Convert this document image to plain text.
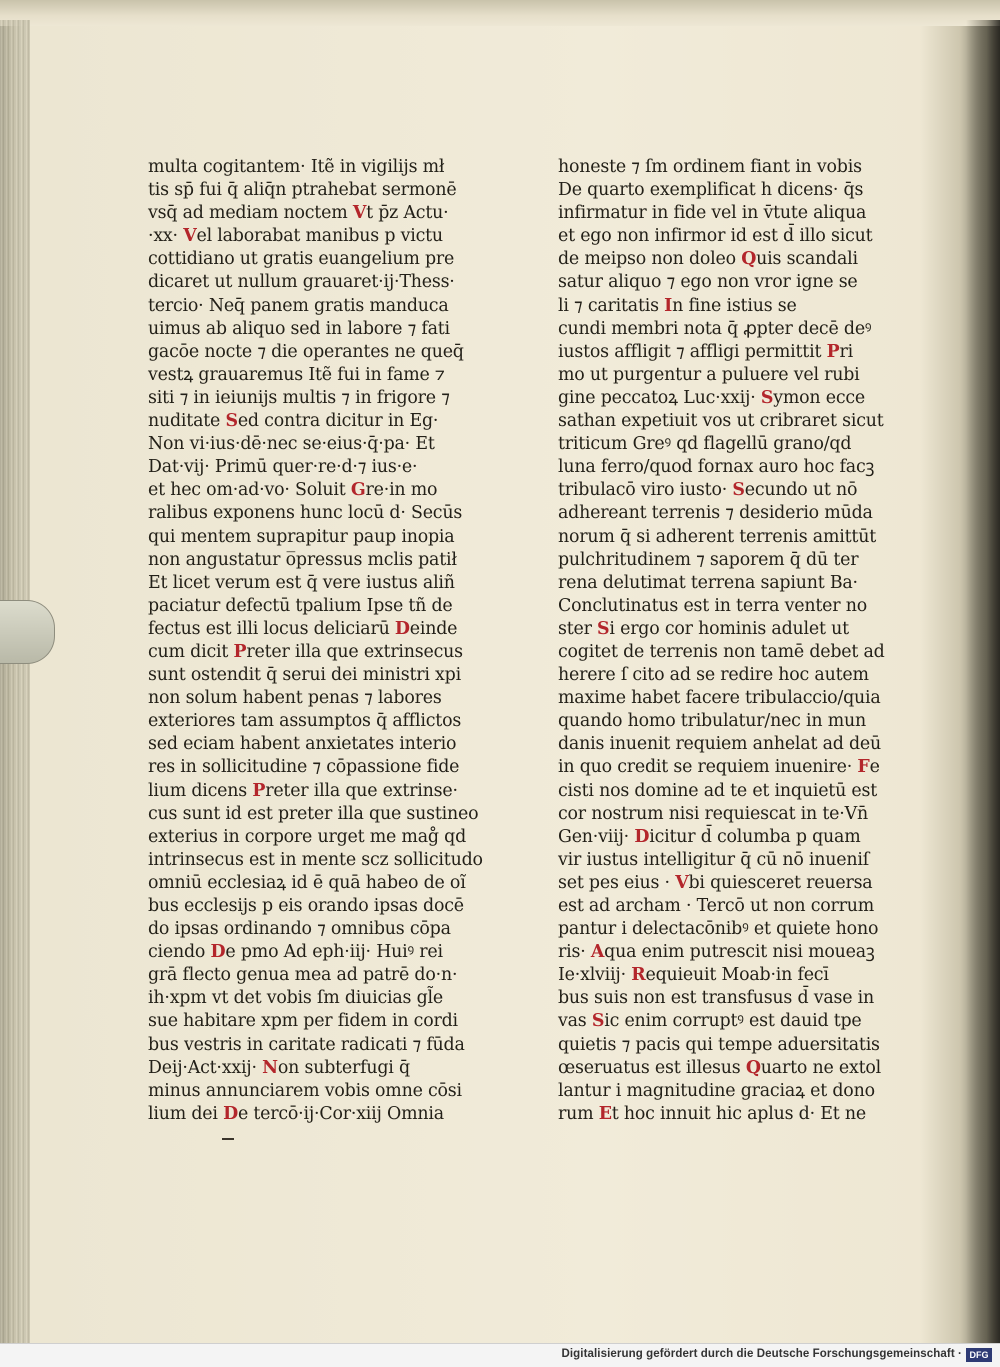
multa cogitantem· Itẽ in vigilijs mł
tis sp̄ fui q̄ aliq̄n ptrahebat sermonē
vsq̄ ad mediam noctem Vt p̄z Actu·
·xx· Vel laborabat manibus p victu
cottidiano ut gratis euangelium pre
dicaret ut nullum grauaret·ij·Thess·
tercio· Neq̄ panem gratis manduca
uimus ab aliquo sed in labore ⁊ fati
gacōe nocte ⁊ die operantes ne queq̄
vestꝝ grauaremus Itẽ fui in fame ⁊
siti ⁊ in ieiunijs multis ⁊ in frigore ⁊
nuditate Sed contra dicitur in Eg·
Non vi·ius·dē·nec se·eius·q̄·pa· Et
Dat·vij· Primū quer·re·d·⁊ ius·e·
et hec om·ad·vo· Soluit Gre·in mo
ralibus exponens hunc locū d· Secūs
qui mentem suprapitur paup inopia
non angustatur o̅pressus mclis patił
Et licet verum est q̄ vere iustus aliñ
paciatur defectū tpalium Ipse tñ de
fectus est illi locus deliciarū Deinde
cum dicit Preter illa que extrinsecus
sunt ostendit q̄ serui dei ministri xpi
non solum habent penas ⁊ labores
exteriores tam assumptos q̄ afflictos
sed eciam habent anxietates interio
res in sollicitudine ⁊ cōpassione fide
lium dicens Preter illa que extrinse·
cus sunt id est preter illa que sustineo
exterius in corpore urget me mag̊ qd
intrinsecus est in mente scz sollicitudo
omniū ecclesiaꝝ id ē quā habeo de oĩ
bus ecclesijs p eis orando ipsas docē
do ipsas ordinando ⁊ omnibus cōpa
ciendo De pmo Ad eph·iij· Huiꝰ rei
grā flecto genua mea ad patrē do·n·
ih·xpm vt det vobis ſm diuicias gl̃e
sue habitare xpm per fidem in cordi
bus vestris in caritate radicati ⁊ fūda
Deij·Act·xxij· Non subterfugi q̄
minus annunciarem vobis omne cōsi
lium dei De tercō·ij·Cor·xiij Omnia
honeste ⁊ ſm ordinem fiant in vobis
De quarto exemplificat h dicens· q̄s
infirmatur in fide vel in v̄tute aliqua
et ego non infirmor id est d̄ illo sicut
de meipso non doleo Quis scandali
satur aliquo ⁊ ego non vror igne se
li ⁊ caritatis In fine istius se
cundi membri nota q̄ ꝓpter decē deꝰ
iustos affligit ⁊ affligi permittit Pri
mo ut purgentur a puluere vel rubi
gine peccatoꝝ Luc·xxij· Symon ecce
sathan expetiuit vos ut cribraret sicut
triticum Greꝰ qd flagellū grano/qd
luna ferro/quod fornax auro hoc facꝫ
tribulacō viro iusto· Secundo ut nō
adhereant terrenis ⁊ desiderio mūda
norum q̄ si adherent terrenis amittūt
pulchritudinem ⁊ saporem q̄ dū ter
rena delutimat terrena sapiunt Ba·
Conclutinatus est in terra venter no
ster Si ergo cor hominis adulet ut
cogitet de terrenis non tamē debet ad
herere ſ cito ad se redire hoc autem
maxime habet facere tribulaccio/quia
quando homo tribulatur/nec in mun
danis inuenit requiem anhelat ad deū
in quo credit se requiem inuenire· Fe
cisti nos domine ad te et inquietū est
cor nostrum nisi requiescat in te·Vn̄
Gen·viij· Dicitur d̄ columba p quam
vir iustus intelligitur q̄ cū nō inueniſ
set pes eius · Vbi quiesceret reuersa
est ad archam · Tercō ut non corrum
pantur i delectacōnibꝰ et quiete hono
ris· Aqua enim putrescit nisi moueaꝫ
Ie·xlviij· Requieuit Moab·in fecī
bus suis non est transfusus d̄ vase in
vas Sic enim corruptꝰ est dauid tpe
quietis ⁊ pacis qui tempe aduersitatis
œseruatus est illesus Quarto ne extol
lantur i magnitudine graciaꝝ et dono
rum Et hoc innuit hic aplus d· Et ne
Digitalisierung gefördert durch die Deutsche Forschungsgemeinschaft · DFG
